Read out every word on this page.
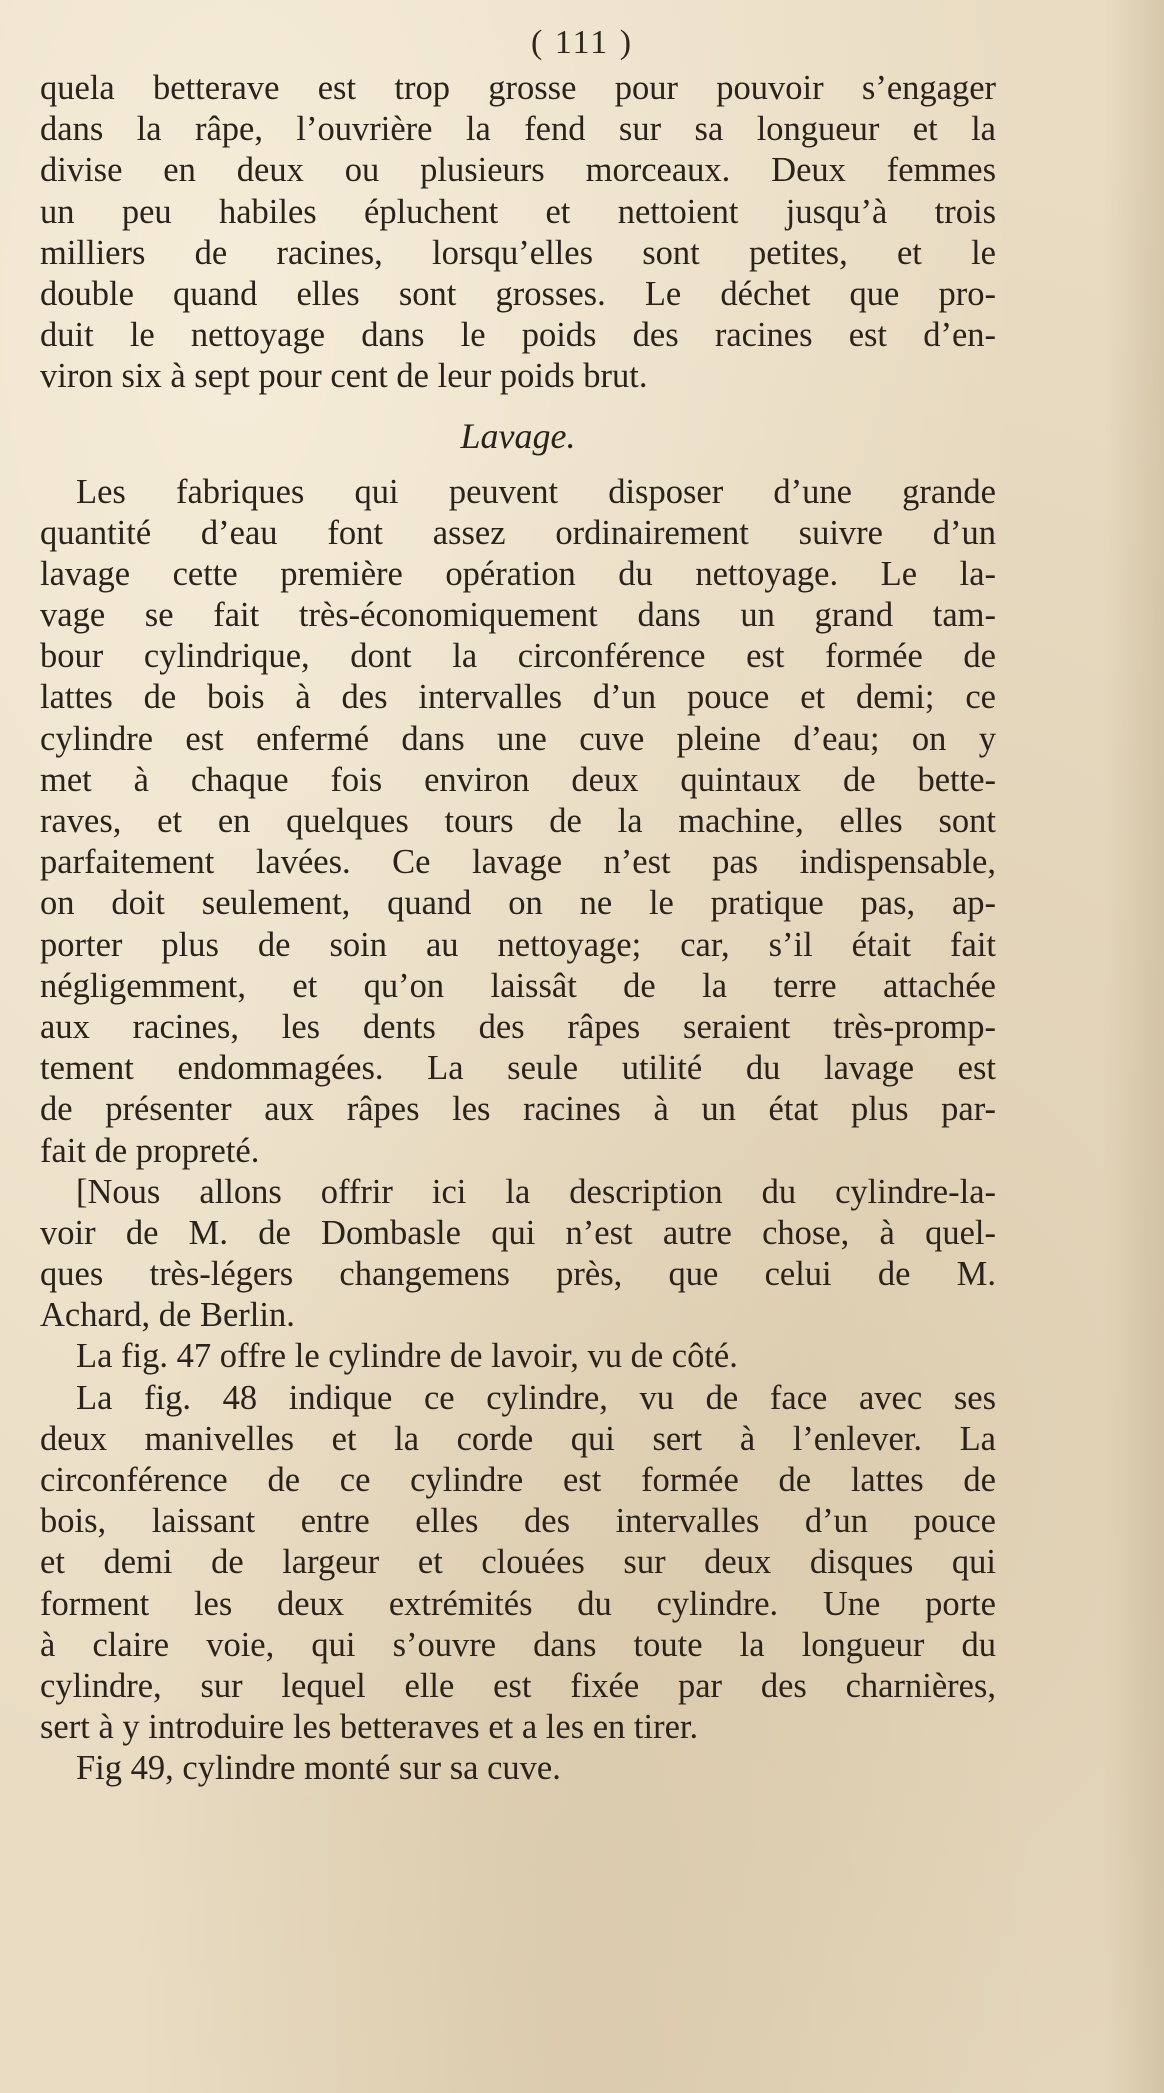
( 111 )
quela betterave est trop grosse pour pouvoir s’engager
dans la râpe, l’ouvrière la fend sur sa longueur et la
divise en deux ou plusieurs morceaux. Deux femmes
un peu habiles épluchent et nettoient jusqu’à trois
milliers de racines, lorsqu’elles sont petites, et le
double quand elles sont grosses. Le déchet que pro-
duit le nettoyage dans le poids des racines est d’en-
viron six à sept pour cent de leur poids brut.
Lavage.
Les fabriques qui peuvent disposer d’une grande
quantité d’eau font assez ordinairement suivre d’un
lavage cette première opération du nettoyage. Le la-
vage se fait très-économiquement dans un grand tam-
bour cylindrique, dont la circonférence est formée de
lattes de bois à des intervalles d’un pouce et demi; ce
cylindre est enfermé dans une cuve pleine d’eau; on y
met à chaque fois environ deux quintaux de bette-
raves, et en quelques tours de la machine, elles sont
parfaitement lavées. Ce lavage n’est pas indispensable,
on doit seulement, quand on ne le pratique pas, ap-
porter plus de soin au nettoyage; car, s’il était fait
négligemment, et qu’on laissât de la terre attachée
aux racines, les dents des râpes seraient très-promp-
tement endommagées. La seule utilité du lavage est
de présenter aux râpes les racines à un état plus par-
fait de propreté.
[Nous allons offrir ici la description du cylindre-la-
voir de M. de Dombasle qui n’est autre chose, à quel-
ques très-légers changemens près, que celui de M.
Achard, de Berlin.
La fig. 47 offre le cylindre de lavoir, vu de côté.
La fig. 48 indique ce cylindre, vu de face avec ses
deux manivelles et la corde qui sert à l’enlever. La
circonférence de ce cylindre est formée de lattes de
bois, laissant entre elles des intervalles d’un pouce
et demi de largeur et clouées sur deux disques qui
forment les deux extrémités du cylindre. Une porte
à claire voie, qui s’ouvre dans toute la longueur du
cylindre, sur lequel elle est fixée par des charnières,
sert à y introduire les betteraves et a les en tirer.
Fig 49, cylindre monté sur sa cuve.
